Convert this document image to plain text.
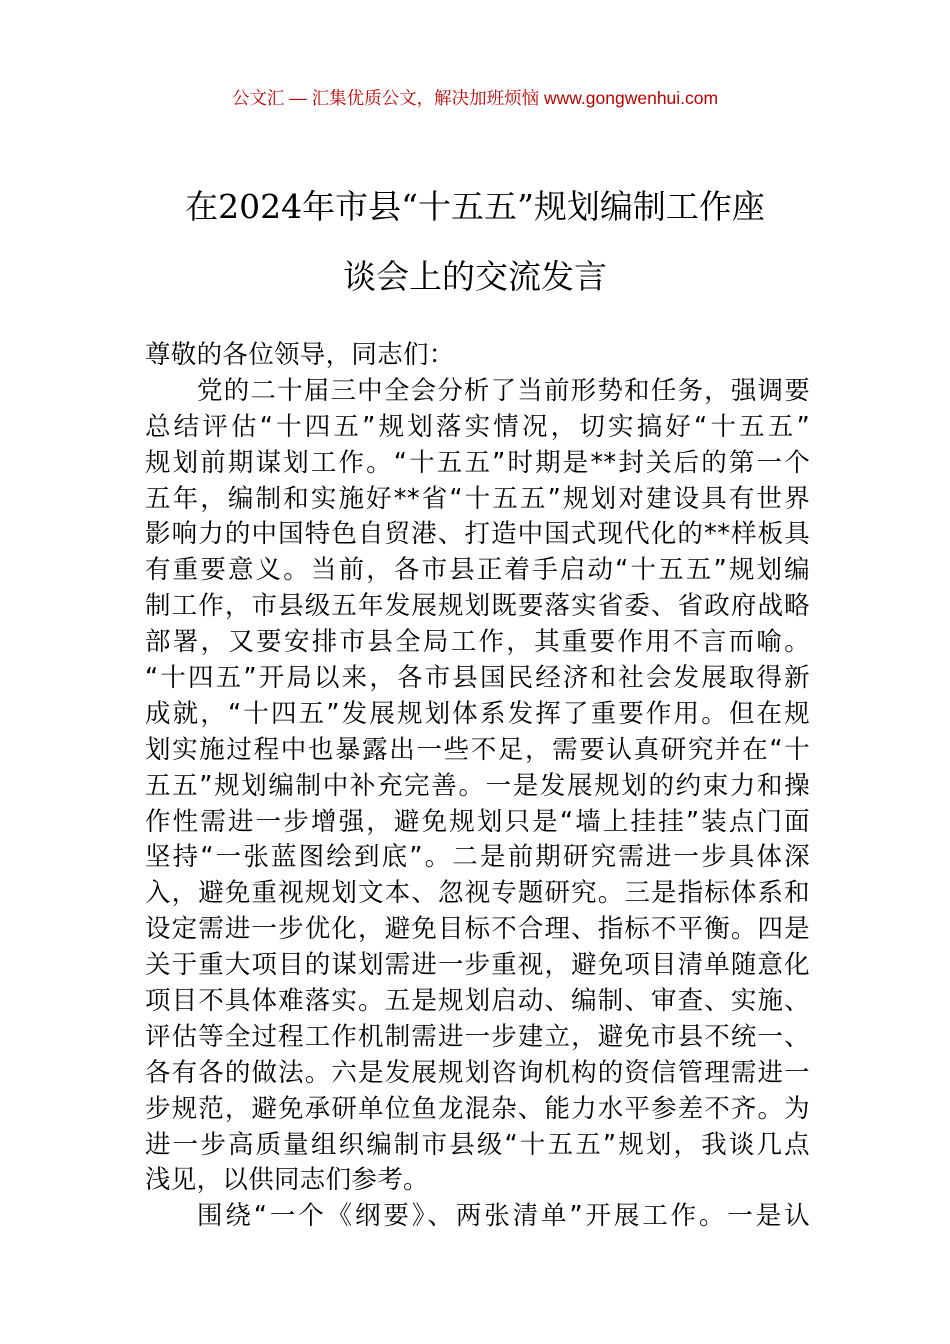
公文汇 — 汇集优质公文，解决加班烦恼 www.gongwenhui.com
在2024年市县“十五五”规划编制工作座
谈会上的交流发言
尊敬的各位领导，同志们：
党的二十届三中全会分析了当前形势和任务，强调要
总结评估“十四五”规划落实情况，切实搞好“十五五”
规划前期谋划工作。“十五五”时期是**封关后的第一个
五年，编制和实施好**省“十五五”规划对建设具有世界
影响力的中国特色自贸港、打造中国式现代化的**样板具
有重要意义。当前，各市县正着手启动“十五五”规划编
制工作，市县级五年发展规划既要落实省委、省政府战略
部署，又要安排市县全局工作，其重要作用不言而喻。
“十四五”开局以来，各市县国民经济和社会发展取得新
成就，“十四五”发展规划体系发挥了重要作用。但在规
划实施过程中也暴露出一些不足，需要认真研究并在“十
五五”规划编制中补充完善。一是发展规划的约束力和操
作性需进一步增强，避免规划只是“墙上挂挂”装点门面
坚持“一张蓝图绘到底”。二是前期研究需进一步具体深
入，避免重视规划文本、忽视专题研究。三是指标体系和
设定需进一步优化，避免目标不合理、指标不平衡。四是
关于重大项目的谋划需进一步重视，避免项目清单随意化
项目不具体难落实。五是规划启动、编制、审查、实施、
评估等全过程工作机制需进一步建立，避免市县不统一、
各有各的做法。六是发展规划咨询机构的资信管理需进一
步规范，避免承研单位鱼龙混杂、能力水平参差不齐。为
进一步高质量组织编制市县级“十五五”规划，我谈几点
浅见，以供同志们参考。
围绕“一个《纲要》、两张清单”开展工作。一是认
